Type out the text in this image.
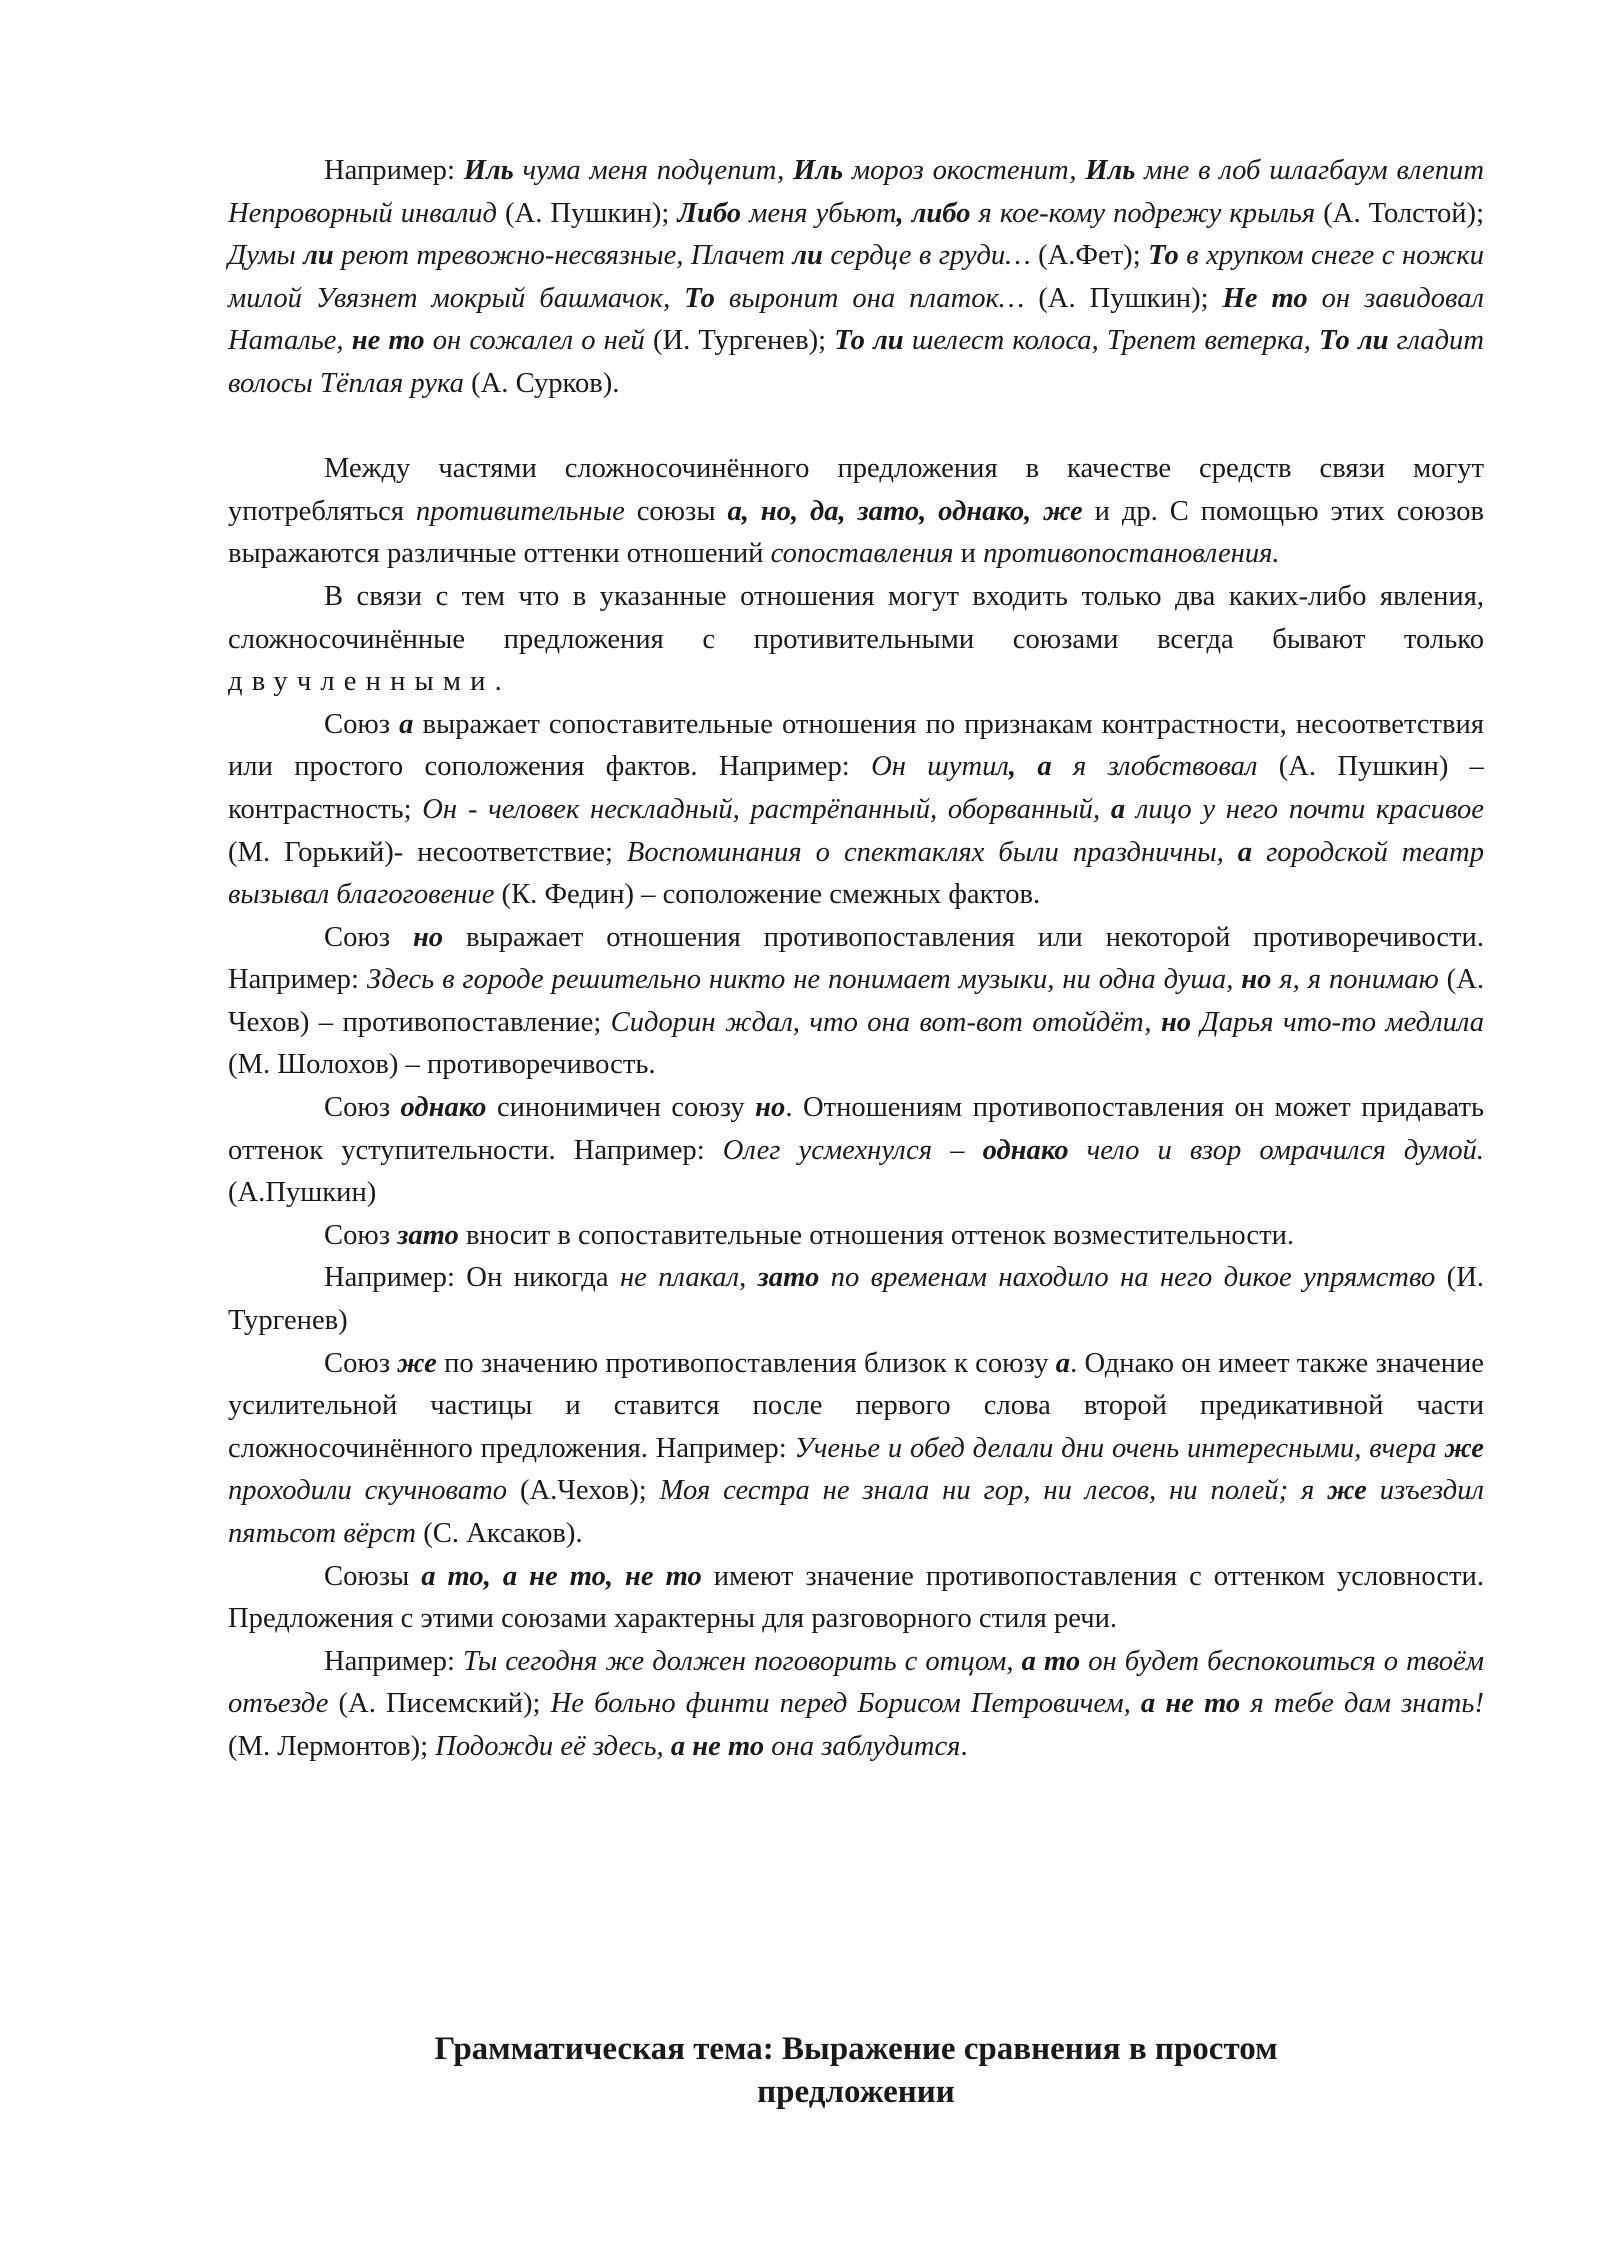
Например: Иль чума меня подцепит, Иль мороз окостенит, Иль мне в лоб шлагбаум влепит Непроворный инвалид (А. Пушкин); Либо меня убьют, либо я кое-кому подрежу крылья (А. Толстой); Думы ли реют тревожно-несвязные, Плачет ли сердце в груди… (А.Фет); То в хрупком снеге с ножки милой Увязнет мокрый башмачок, То выронит она платок… (А. Пушкин); Не то он завидовал Наталье, не то он сожалел о ней (И. Тургенев); То ли шелест колоса, Трепет ветерка, То ли гладит волосы Тёплая рука (А. Сурков).

Между частями сложносочинённого предложения в качестве средств связи могут употребляться противительные союзы а, но, да, зато, однако, же и др. С помощью этих союзов выражаются различные оттенки отношений сопоставления и противопостановления.

В связи с тем что в указанные отношения могут входить только два каких-либо явления, сложносочинённые предложения с противительными союзами всегда бывают только двучленными.

Союз а выражает сопоставительные отношения по признакам контрастности, несоответствия или простого соположения фактов. Например: Он шутил, а я злобствовал (А. Пушкин) – контрастность; Он - человек нескладный, растрёпанный, оборванный, а лицо у него почти красивое (М. Горький)- несоответствие; Воспоминания о спектаклях были праздничны, а городской театр вызывал благоговение (К. Федин) – соположение смежных фактов.

Союз но выражает отношения противопоставления или некоторой противоречивости. Например: Здесь в городе решительно никто не понимает музыки, ни одна душа, но я, я понимаю (А. Чехов) – противопоставление; Сидорин ждал, что она вот-вот отойдёт, но Дарья что-то медлила (М. Шолохов) – противоречивость.

Союз однако синонимичен союзу но. Отношениям противопоставления он может придавать оттенок уступительности. Например: Олег усмехнулся – однако чело и взор омрачился думой. (А.Пушкин)

Союз зато вносит в сопоставительные отношения оттенок возместительности.

Например: Он никогда не плакал, зато по временам находило на него дикое упрямство (И. Тургенев)

Союз же по значению противопоставления близок к союзу а. Однако он имеет также значение усилительной частицы и ставится после первого слова второй предикативной части сложносочинённого предложения. Например: Ученье и обед делали дни очень интересными, вчера же проходили скучновато (А.Чехов); Моя сестра не знала ни гор, ни лесов, ни полей; я же изъездил пятьсот вёрст (С. Аксаков).

Союзы а то, а не то, не то имеют значение противопоставления с оттенком условности. Предложения с этими союзами характерны для разговорного стиля речи.

Например: Ты сегодня же должен поговорить с отцом, а то он будет беспокоиться о твоём отъезде (А. Писемский); Не больно финти перед Борисом Петровичем, а не то я тебе дам знать! (М. Лермонтов); Подожди её здесь, а не то она заблудится.

Грамматическая тема: Выражение сравнения в простом
предложении
